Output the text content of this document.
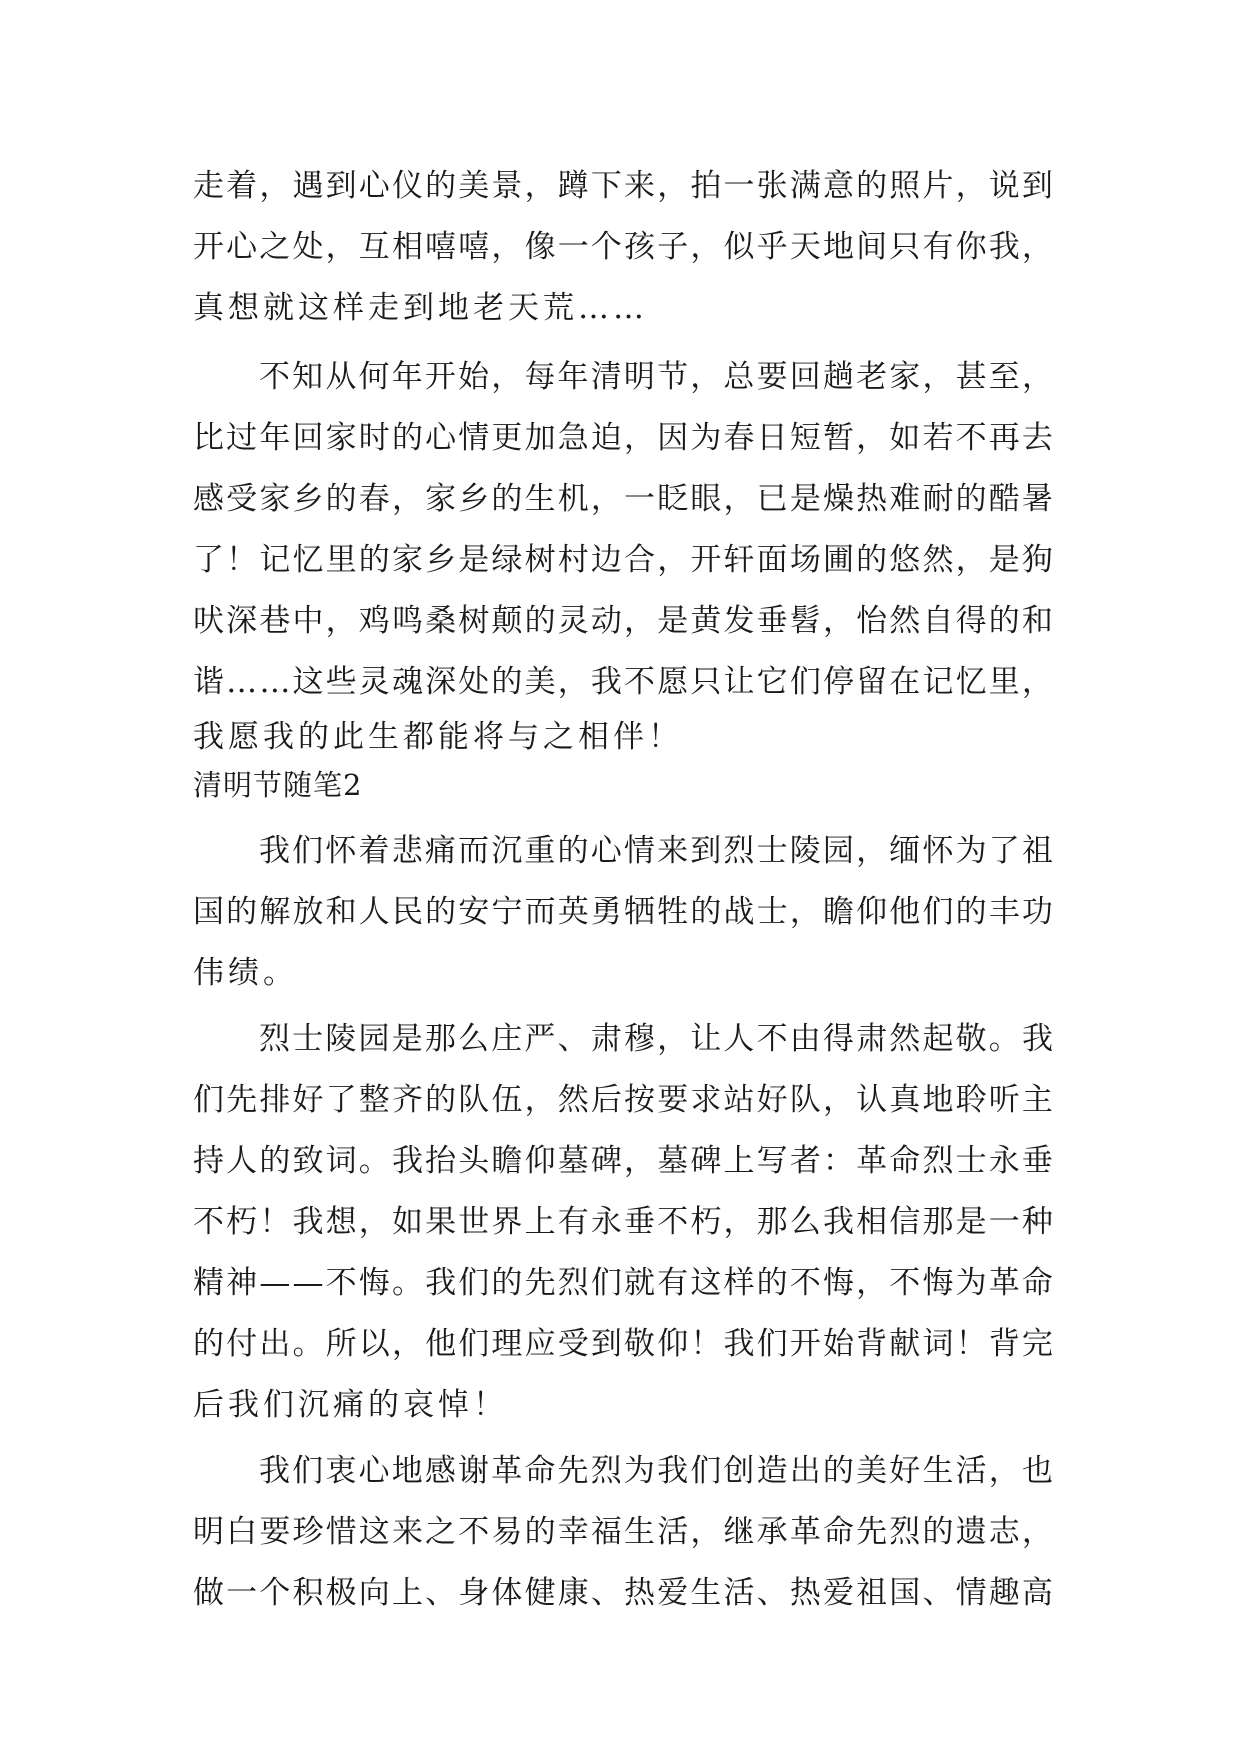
走 着 ， 遇 到 心 仪 的 美 景 ， 蹲 下 来 ， 拍 一 张 满 意 的 照 片 ， 说 到
开 心 之 处 ， 互 相 嘻 嘻 ， 像 一 个 孩 子 ， 似 乎 天 地 间 只 有 你 我 ，
真想就这样走到地老天荒……
不 知 从 何 年 开 始 ， 每 年 清 明 节 ， 总 要 回 趟 老 家 ， 甚 至 ，
比 过 年 回 家 时 的 心 情 更 加 急 迫 ， 因 为 春 日 短 暂 ， 如 若 不 再 去
感 受 家 乡 的 春 ， 家 乡 的 生 机 ， 一 眨 眼 ， 已 是 燥 热 难 耐 的 酷 暑
了 ！ 记 忆 里 的 家 乡 是 绿 树 村 边 合 ， 开 轩 面 场 圃 的 悠 然 ， 是 狗
吠 深 巷 中 ， 鸡 鸣 桑 树 颠 的 灵 动 ， 是 黄 发 垂 髫 ， 怡 然 自 得 的 和
谐 … … 这 些 灵 魂 深 处 的 美 ， 我 不 愿 只 让 它 们 停 留 在 记 忆 里 ，
我愿我的此生都能将与之相伴！
清明节随笔2
我 们 怀 着 悲 痛 而 沉 重 的 心 情 来 到 烈 士 陵 园 ， 缅 怀 为 了 祖
国 的 解 放 和 人 民 的 安 宁 而 英 勇 牺 牲 的 战 士 ， 瞻 仰 他 们 的 丰 功
伟绩。
烈 士 陵 园 是 那 么 庄 严 、 肃 穆 ， 让 人 不 由 得 肃 然 起 敬 。 我
们 先 排 好 了 整 齐 的 队 伍 ， 然 后 按 要 求 站 好 队 ， 认 真 地 聆 听 主
持 人 的 致 词 。 我 抬 头 瞻 仰 墓 碑 ， 墓 碑 上 写 者 ： 革 命 烈 士 永 垂
不 朽 ！ 我 想 ， 如 果 世 界 上 有 永 垂 不 朽 ， 那 么 我 相 信 那 是 一 种
精 神 — — 不 悔 。 我 们 的 先 烈 们 就 有 这 样 的 不 悔 ， 不 悔 为 革 命
的 付 出 。 所 以 ， 他 们 理 应 受 到 敬 仰 ！ 我 们 开 始 背 献 词 ！ 背 完
后我们沉痛的哀悼！
我 们 衷 心 地 感 谢 革 命 先 烈 为 我 们 创 造 出 的 美 好 生 活 ， 也
明 白 要 珍 惜 这 来 之 不 易 的 幸 福 生 活 ， 继 承 革 命 先 烈 的 遗 志 ，
做 一 个 积 极 向 上 、 身 体 健 康 、 热 爱 生 活 、 热 爱 祖 国 、 情 趣 高
